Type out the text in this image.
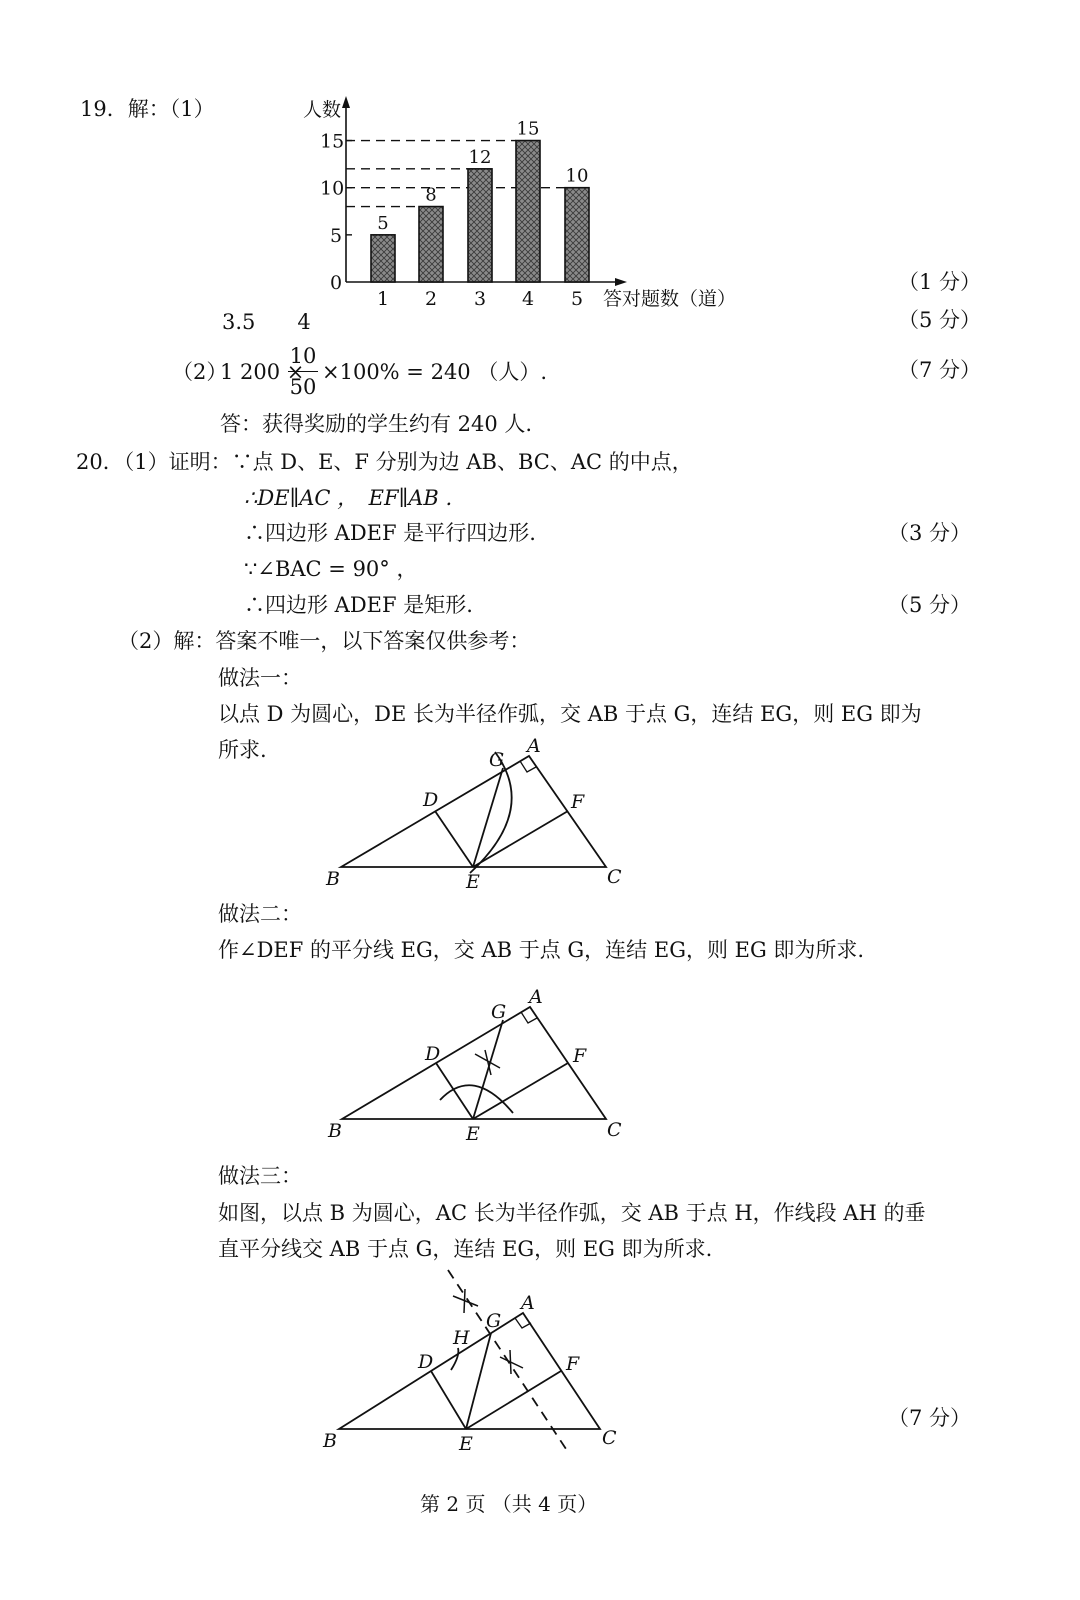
19．解：（1）
（1 分）
3.5　　4	（5 分）
（2）
1 200 ×
10
50
×100% = 240 （人）.	（7 分）
答：获得奖励的学生约有 240 人.
人数
答对题数（道）
0
5
10
15
5
1
8
2
12
3
15
4
10
5
20．（1）证明：∵点 D、E、F 分别为边 AB、BC、AC 的中点，
∴DE∥AC ，　EF∥AB .
∴四边形 ADEF 是平行四边形.	（3 分）
∵∠BAC = 90° ，
∴四边形 ADEF 是矩形.	（5 分）
（2）解：答案不唯一，以下答案仅供参考：
做法一：
以点 D 为圆心，DE 长为半径作弧，交 AB 于点 G，连结 EG，则 EG 即为
所求.
做法二：
作∠DEF 的平分线 EG，交 AB 于点 G，连结 EG，则 EG 即为所求.
做法三：
如图，以点 B 为圆心，AC 长为半径作弧，交 AB 于点 H，作线段 AH 的垂
直平分线交 AB 于点 G，连结 EG，则 EG 即为所求.
（7 分）
A
B	C
D
E
F
G
A
B	C
D
E
F
G
A
B	C
D
E
F
G
H
第 2 页 （共 4 页）
